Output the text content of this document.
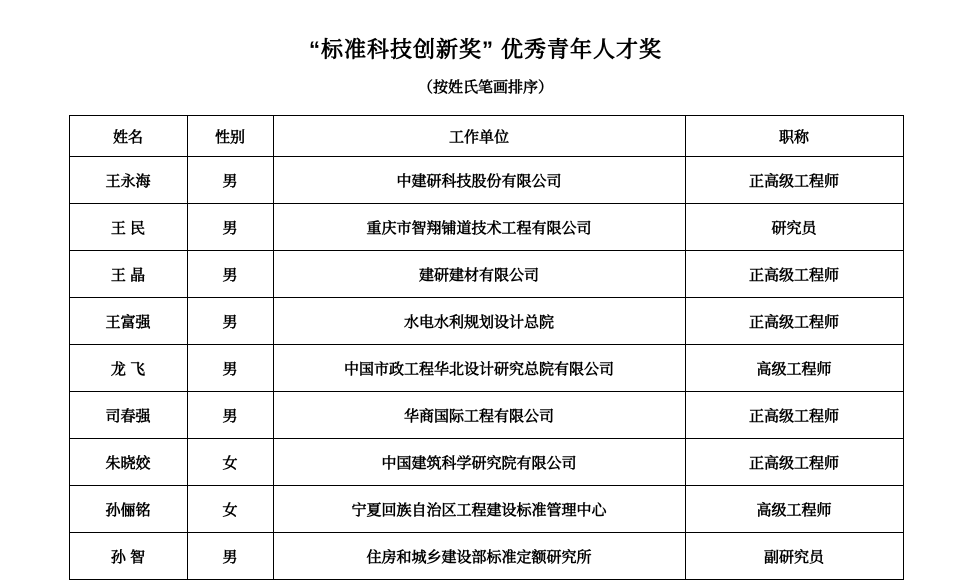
“标准科技创新奖” 优秀青年人才奖
（按姓氏笔画排序）
姓名	性别	工作单位	职称
王永海	男	中建研科技股份有限公司	正高级工程师
王 民	男	重庆市智翔铺道技术工程有限公司	研究员
王 晶	男	建研建材有限公司	正高级工程师
王富强	男	水电水利规划设计总院	正高级工程师
龙 飞	男	中国市政工程华北设计研究总院有限公司	高级工程师
司春强	男	华商国际工程有限公司	正高级工程师
朱晓姣	女	中国建筑科学研究院有限公司	正高级工程师
孙俪铭	女	宁夏回族自治区工程建设标准管理中心	高级工程师
孙 智	男	住房和城乡建设部标准定额研究所	副研究员
